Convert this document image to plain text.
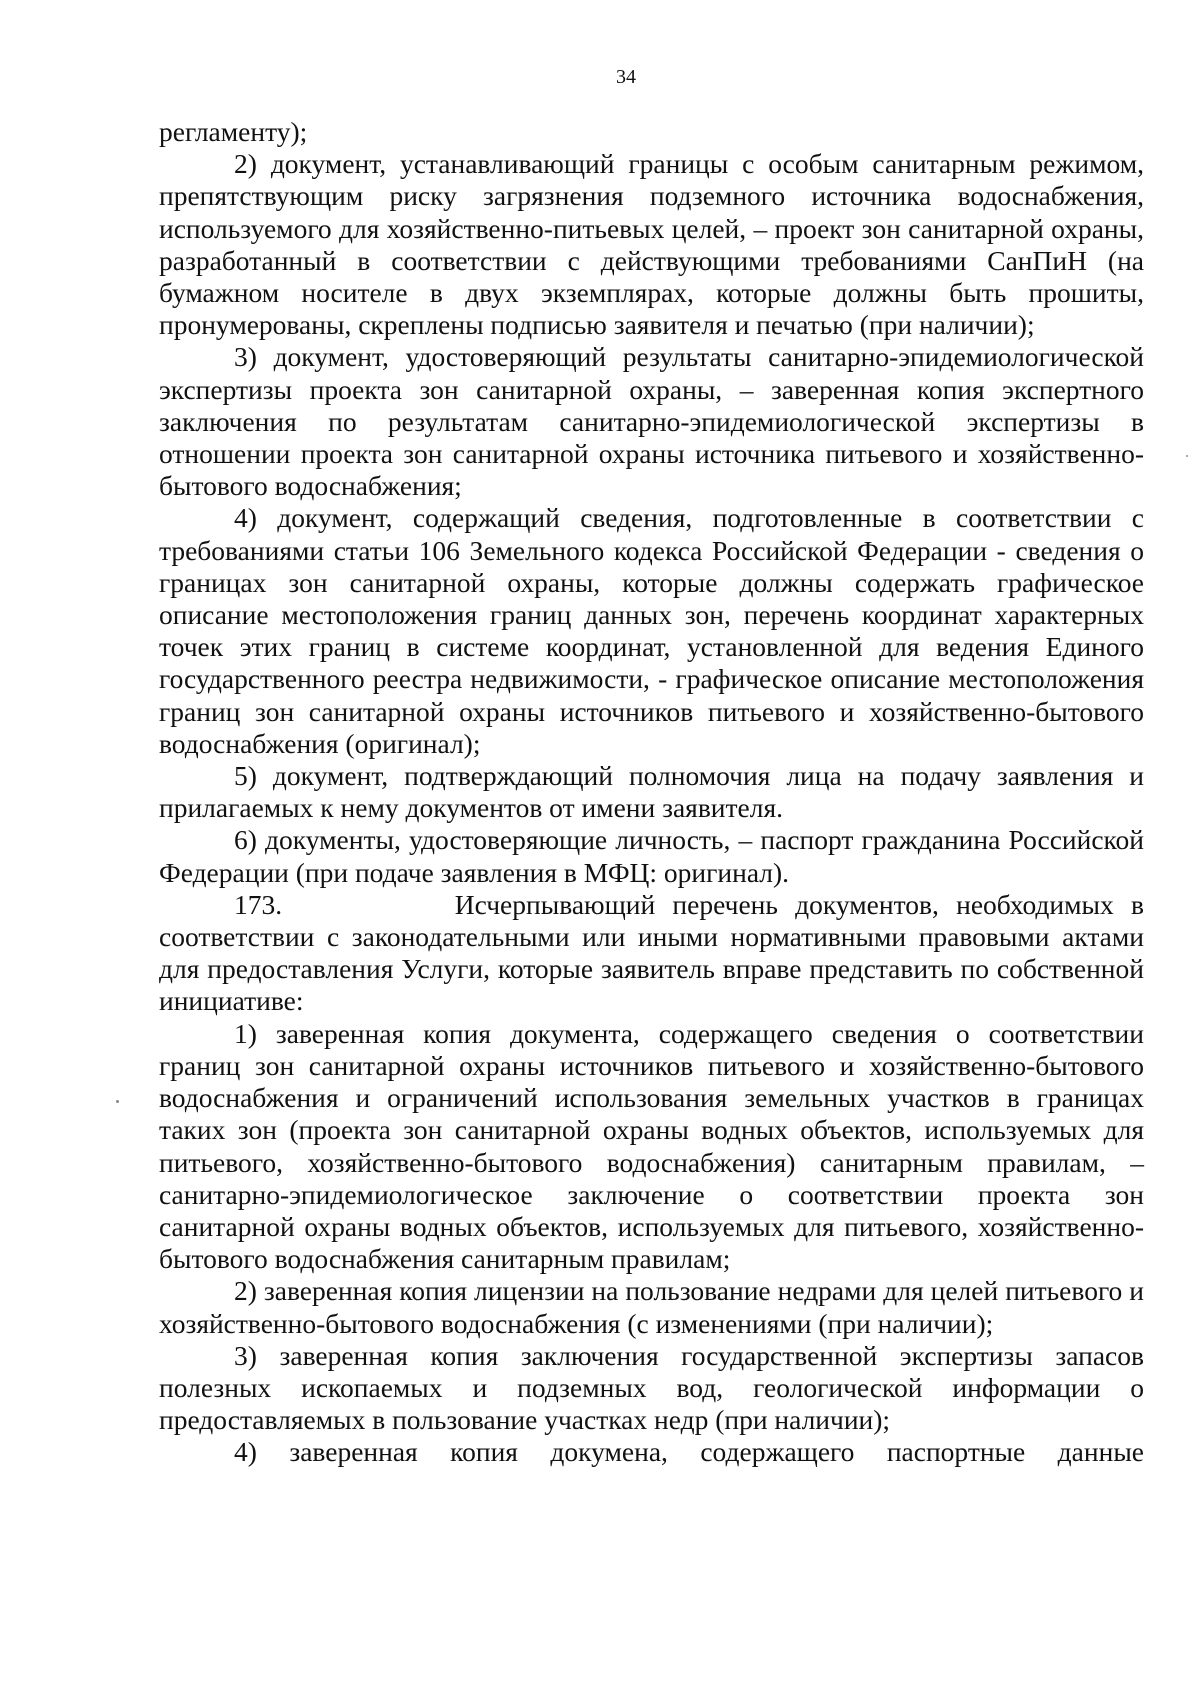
34

регламенту);

2) документ, устанавливающий границы с особым санитарным режимом, препятствующим риску загрязнения подземного источника водоснабжения, используемого для хозяйственно-питьевых целей, – проект зон санитарной охраны, разработанный в соответствии с действующими требованиями СанПиН (на бумажном носителе в двух экземплярах, которые должны быть прошиты, пронумерованы, скреплены подписью заявителя и печатью (при наличии);

3) документ, удостоверяющий результаты санитарно-эпидемиологической экспертизы проекта зон санитарной охраны, – заверенная копия экспертного заключения по результатам санитарно-эпидемиологической экспертизы в отношении проекта зон санитарной охраны источника питьевого и хозяйственно-бытового водоснабжения;

4) документ, содержащий сведения, подготовленные в соответствии с требованиями статьи 106 Земельного кодекса Российской Федерации - сведения о границах зон санитарной охраны, которые должны содержать графическое описание местоположения границ данных зон, перечень координат характерных точек этих границ в системе координат, установленной для ведения Единого государственного реестра недвижимости, - графическое описание местоположения границ зон санитарной охраны источников питьевого и хозяйственно-бытового водоснабжения (оригинал);

5) документ, подтверждающий полномочия лица на подачу заявления и прилагаемых к нему документов от имени заявителя.

6) документы, удостоверяющие личность, – паспорт гражданина Российской Федерации (при подаче заявления в МФЦ: оригинал).

173.          Исчерпывающий перечень документов, необходимых в соответствии с законодательными или иными нормативными правовыми актами для предоставления Услуги, которые заявитель вправе представить по собственной инициативе:

1) заверенная копия документа, содержащего сведения о соответствии границ зон санитарной охраны источников питьевого и хозяйственно-бытового водоснабжения и ограничений использования земельных участков в границах таких зон (проекта зон санитарной охраны водных объектов, используемых для питьевого, хозяйственно-бытового водоснабжения) санитарным правилам, – санитарно-эпидемиологическое заключение о соответствии проекта зон санитарной охраны водных объектов, используемых для питьевого, хозяйственно-бытового водоснабжения санитарным правилам;

2) заверенная копия лицензии на пользование недрами для целей питьевого и хозяйственно-бытового водоснабжения (с изменениями (при наличии);

3) заверенная копия заключения государственной экспертизы запасов полезных ископаемых и подземных вод, геологической информации о предоставляемых в пользование участках недр (при наличии);

4) заверенная копия докумена, содержащего паспортные данные
